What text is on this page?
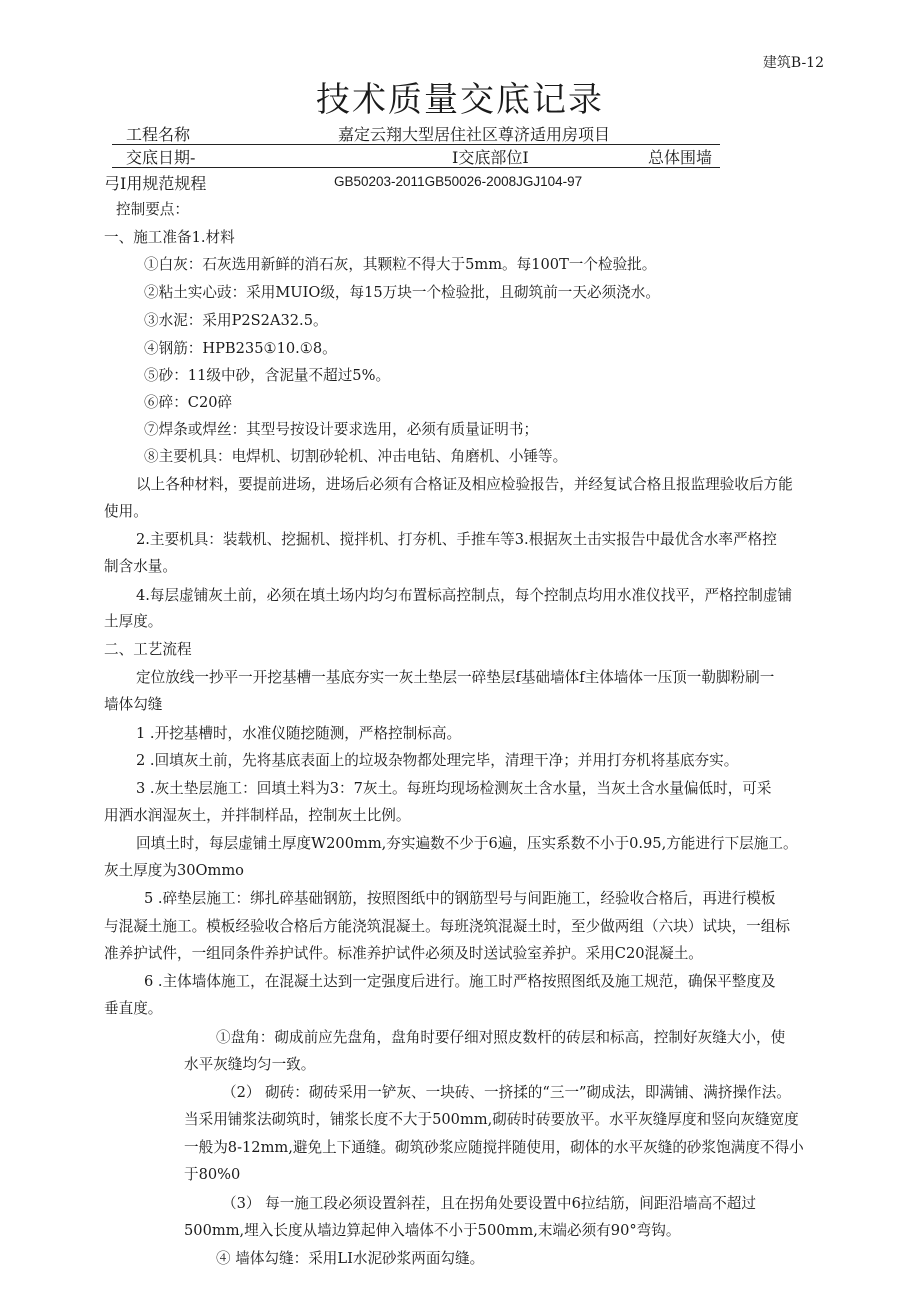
建筑B-12
技术质量交底记录
工程名称	嘉定云翔大型居住社区尊济适用房项目
交底日期-	I交底部位I	总体围墙
弓I用规范规程	GB50203-2011GB50026-2008JGJ104-97
控制要点：
一、施工准备1.材料
①白灰：石灰选用新鲜的消石灰，其颗粒不得大于5mm。每100T一个检验批。
②粘土实心豉：采用MUIO级，每15万块一个检验批，且砌筑前一天必须浇水。
③水泥：采用P2S2A32.5。
④钢筋：HPB235①10.①8。
⑤砂：11级中砂，含泥量不超过5%。
⑥碎：C20碎
⑦焊条或焊丝：其型号按设计要求选用，必须有质量证明书；
⑧主要机具：电焊机、切割砂轮机、冲击电钻、角磨机、小锤等。
以上各种材料，要提前进场，进场后必须有合格证及相应检验报告，并经复试合格且报监理验收后方能
使用。
2.主要机具：装载机、挖掘机、搅拌机、打夯机、手推车等3.根据灰土击实报告中最优含水率严格控
制含水量。
4.每层虚铺灰土前，必须在填土场内均匀布置标高控制点，每个控制点均用水准仪找平，严格控制虚铺
土厚度。
二、工艺流程
定位放线一抄平一开挖基槽一基底夯实一灰土垫层一碎垫层f基础墙体f主体墙体一压顶一勒脚粉刷一
墙体勾缝
1 .开挖基槽时，水准仪随挖随测，严格控制标高。
2 .回填灰土前，先将基底表面上的垃圾杂物都处理完毕，清理干净；并用打夯机将基底夯实。
3 .灰土垫层施工：回填土料为3：7灰土。每班均现场检测灰土含水量，当灰土含水量偏低时，可采
用洒水润湿灰土，并拌制样品，控制灰土比例。
回填土时，每层虚铺土厚度W200mm,夯实遍数不少于6遍，压实系数不小于0.95,方能进行下层施工。
灰土厚度为30Ommo
5 .碎垫层施工：绑扎碎基础钢筋，按照图纸中的钢筋型号与间距施工，经验收合格后，再进行模板
与混凝土施工。模板经验收合格后方能浇筑混凝土。每班浇筑混凝土时，至少做两组（六块）试块，一组标
准养护试件，一组同条件养护试件。标准养护试件必须及时送试验室养护。采用C20混凝土。
6 .主体墙体施工，在混凝土达到一定强度后进行。施工时严格按照图纸及施工规范，确保平整度及
垂直度。
①盘角：砌成前应先盘角，盘角时要仔细对照皮数杆的砖层和标高，控制好灰缝大小，使
水平灰缝均匀一致。
（2） 砌砖：砌砖采用一铲灰、一块砖、一挤揉的“三一”砌成法，即满铺、满挤操作法。
当采用铺浆法砌筑时，铺浆长度不大于500mm,砌砖时砖要放平。水平灰缝厚度和竖向灰缝宽度
一般为8-12mm,避免上下通缝。砌筑砂浆应随搅拌随使用，砌体的水平灰缝的砂浆饱满度不得小
于80%0
（3） 每一施工段必须设置斜茬，且在拐角处要设置中6拉结筋，间距沿墙高不超过
500mm,埋入长度从墙边算起伸入墙体不小于500mm,末端必须有90°弯钩。
④ 墙体勾缝：采用LI水泥砂浆两面勾缝。
